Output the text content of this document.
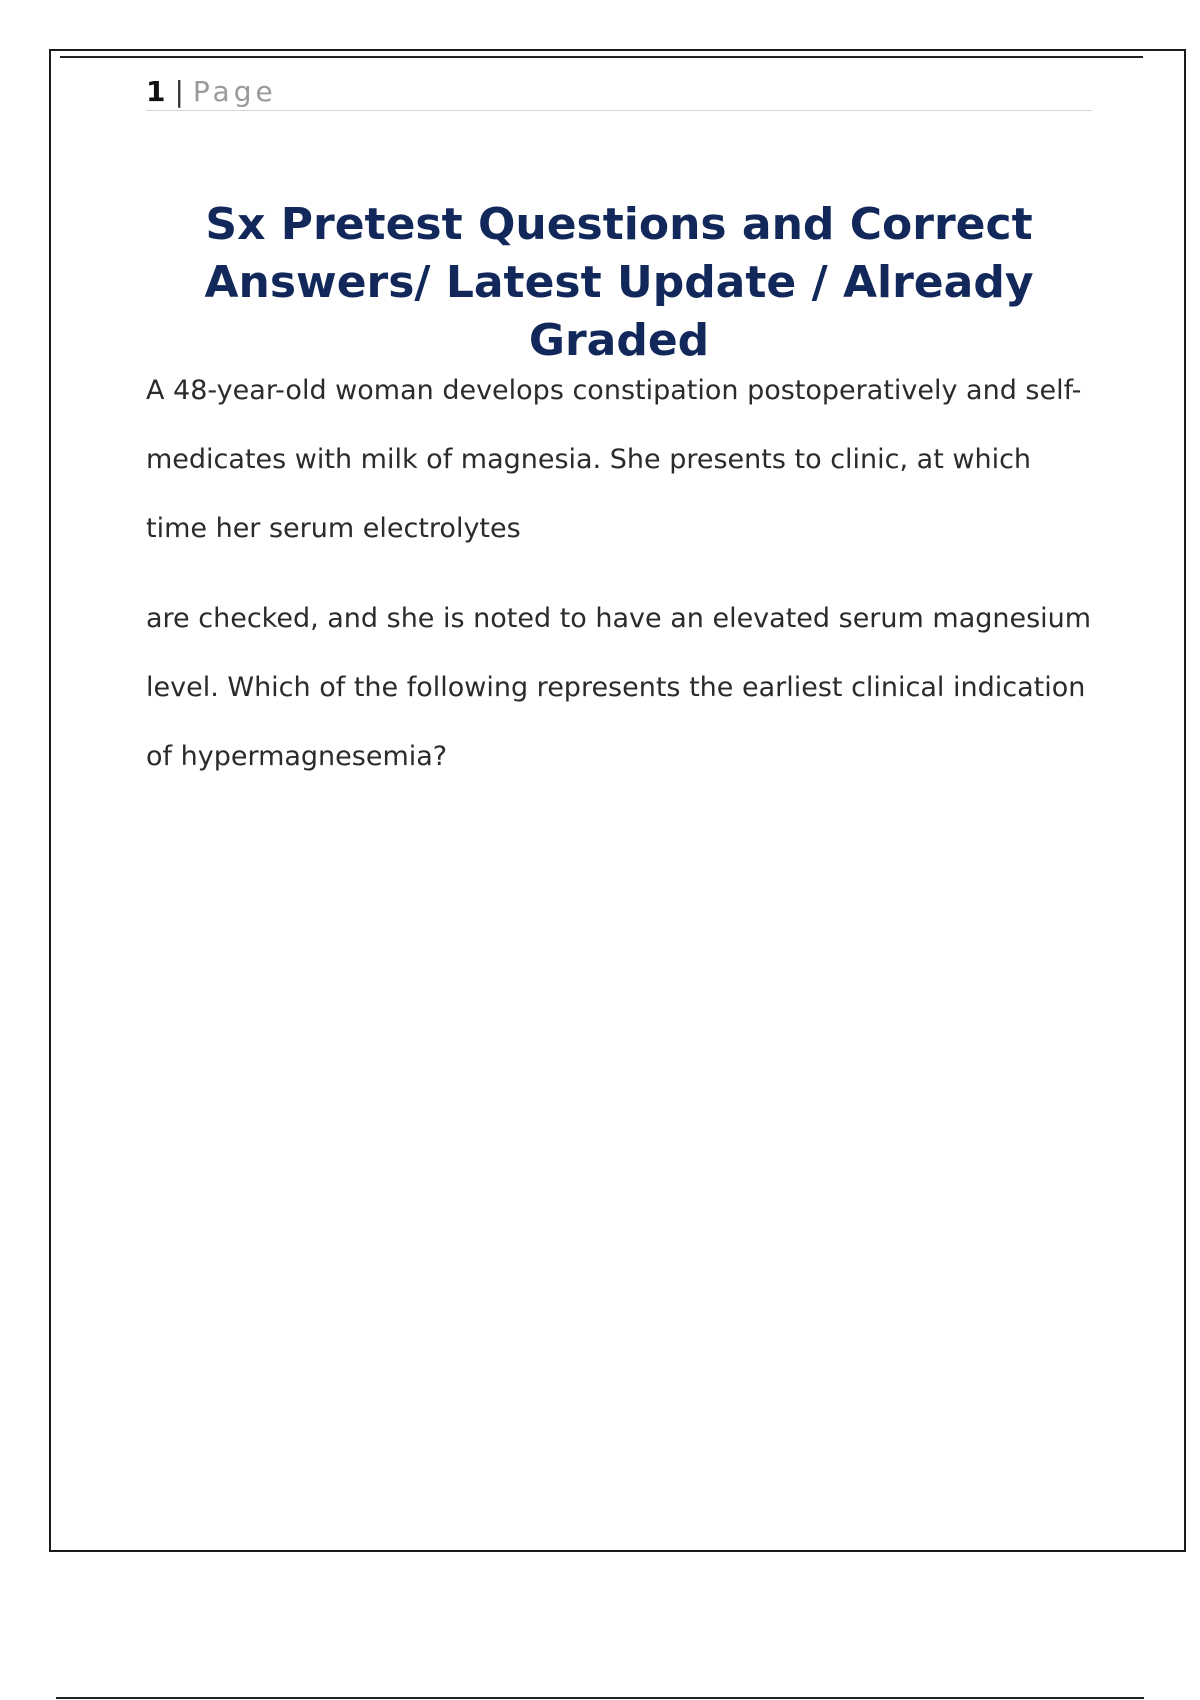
1 | Page
Sx Pretest Questions and Correct Answers/ Latest Update / Already Graded

A 48-year-old woman develops constipation postoperatively and self-medicates with milk of magnesia. She presents to clinic, at which time her serum electrolytes

are checked, and she is noted to have an elevated serum magnesium level. Which of the following represents the earliest clinical indication of hypermagnesemia?
